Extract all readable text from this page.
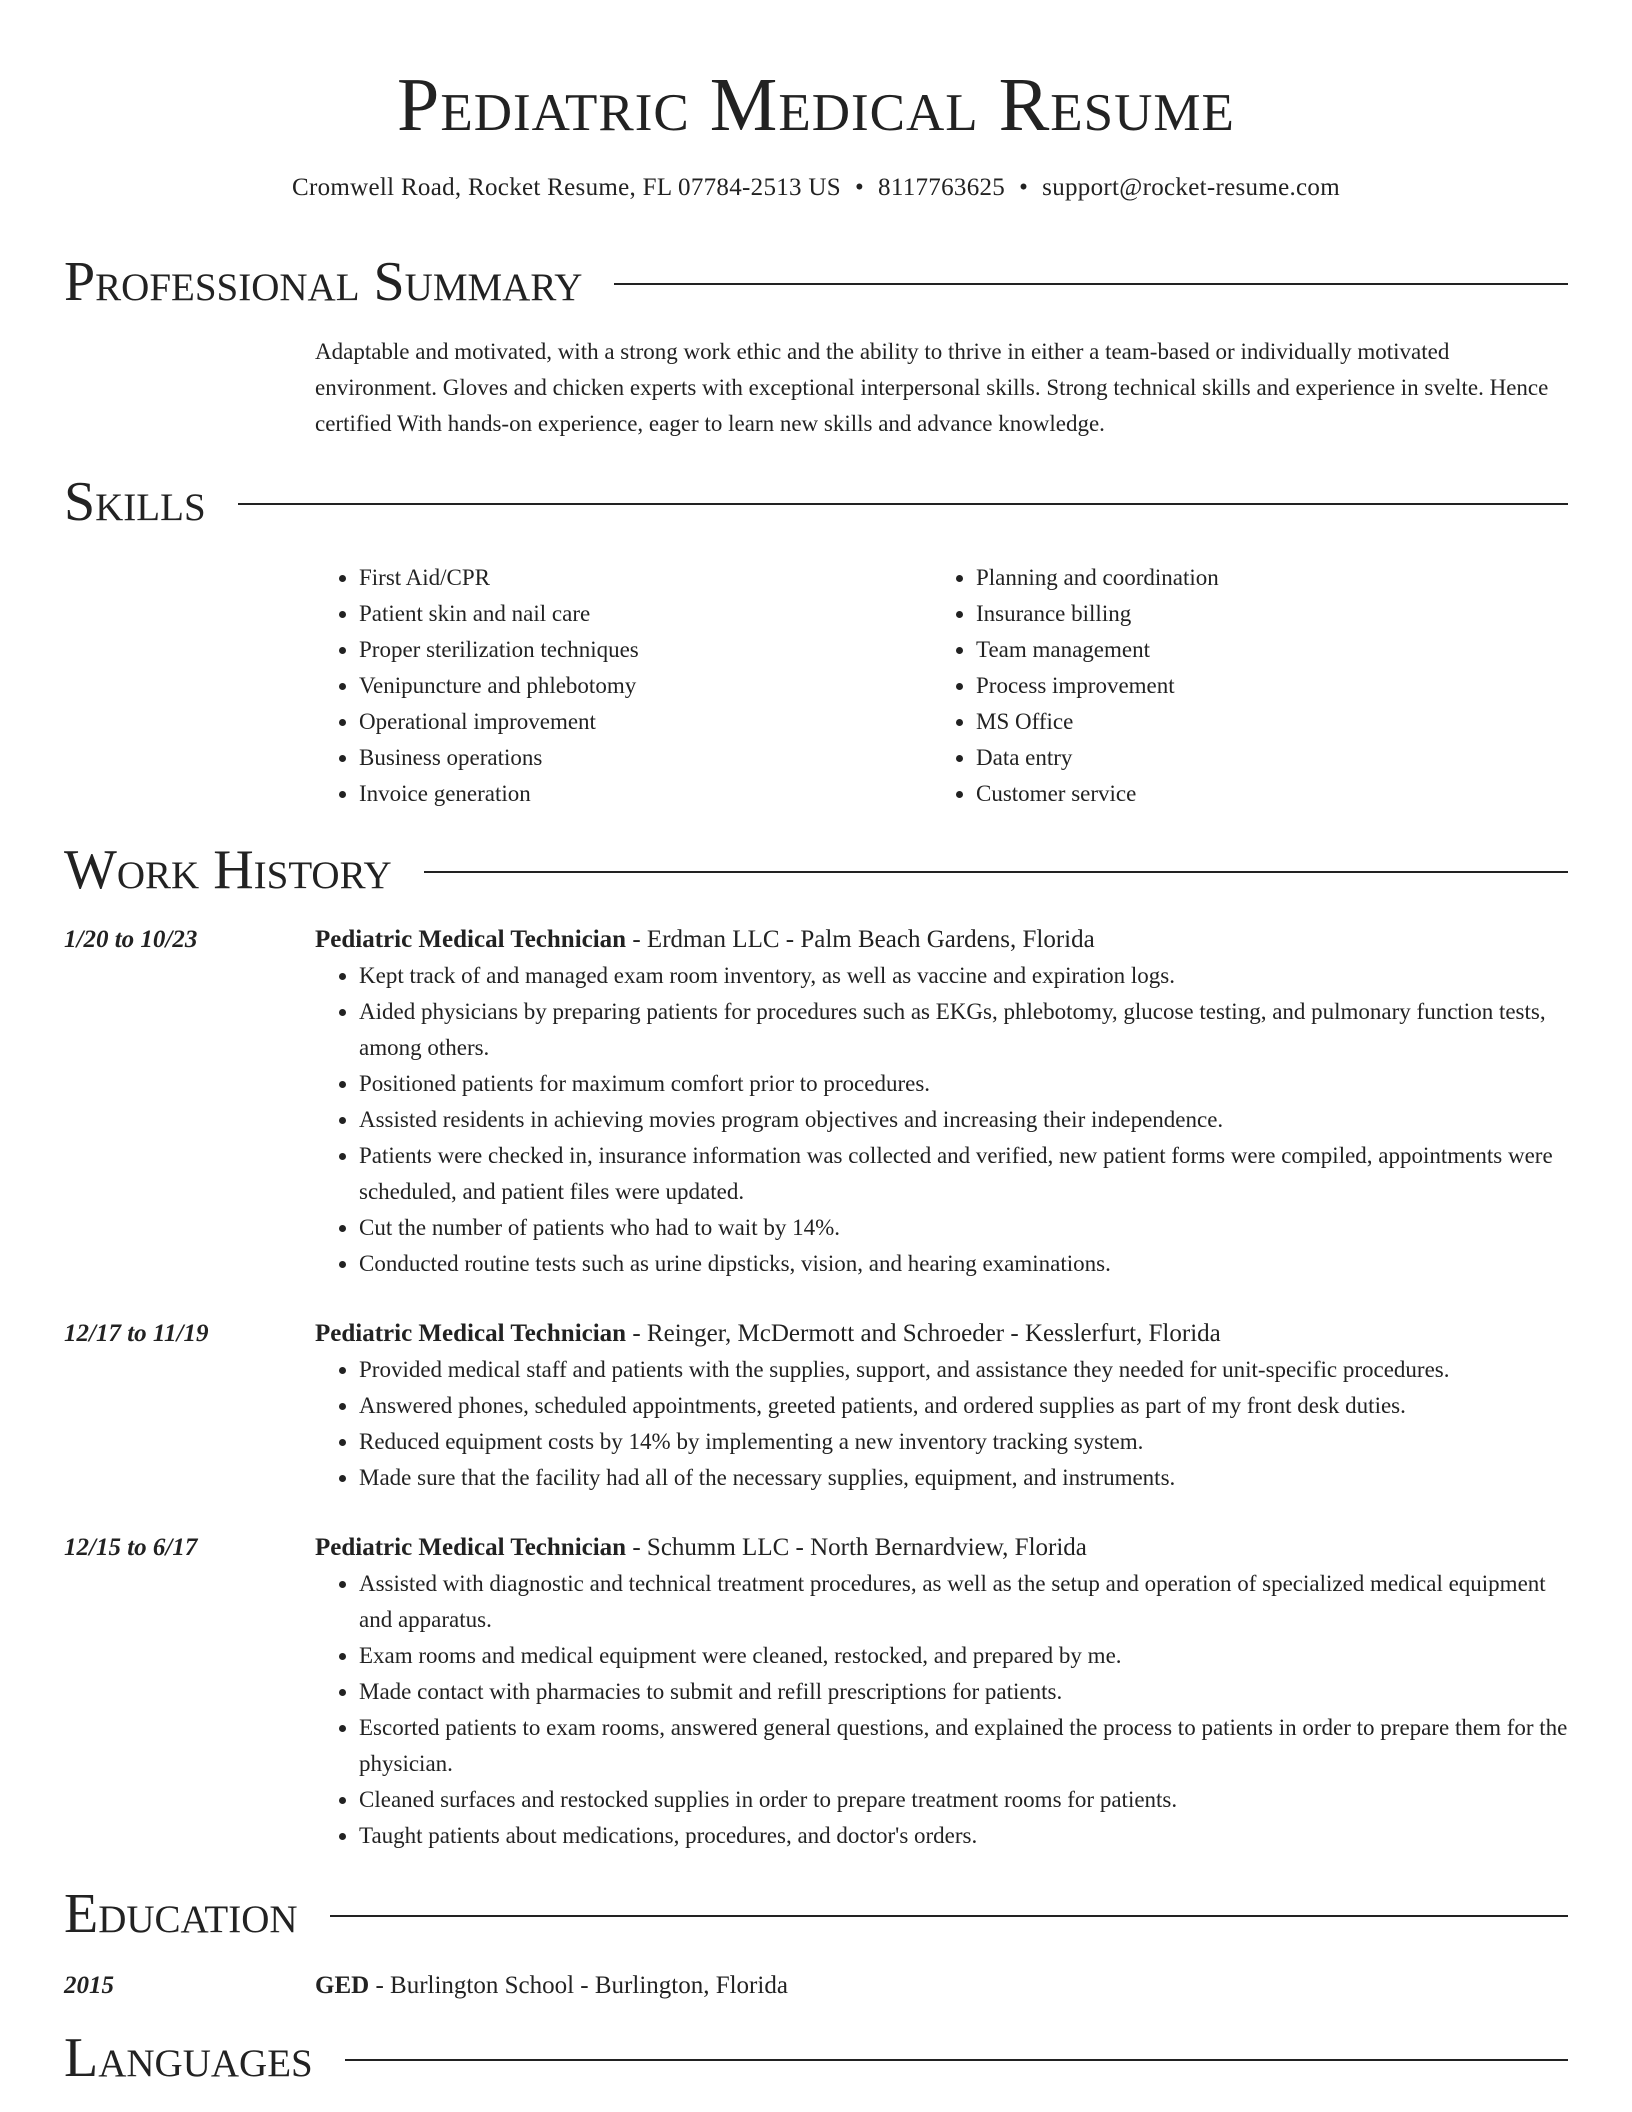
Pediatric Medical Resume
Cromwell Road, Rocket Resume, FL 07784-2513 US • 8117763625 • support@rocket-resume.com
Professional Summary
Adaptable and motivated, with a strong work ethic and the ability to thrive in either a team-based or individually motivated environment. Gloves and chicken experts with exceptional interpersonal skills. Strong technical skills and experience in svelte. Hence certified With hands-on experience, eager to learn new skills and advance knowledge.
Skills
• First Aid/CPR
• Patient skin and nail care
• Proper sterilization techniques
• Venipuncture and phlebotomy
• Operational improvement
• Business operations
• Invoice generation
• Planning and coordination
• Insurance billing
• Team management
• Process improvement
• MS Office
• Data entry
• Customer service
Work History
1/20 to 10/23	Pediatric Medical Technician - Erdman LLC - Palm Beach Gardens, Florida
• Kept track of and managed exam room inventory, as well as vaccine and expiration logs.
• Aided physicians by preparing patients for procedures such as EKGs, phlebotomy, glucose testing, and pulmonary function tests, among others.
• Positioned patients for maximum comfort prior to procedures.
• Assisted residents in achieving movies program objectives and increasing their independence.
• Patients were checked in, insurance information was collected and verified, new patient forms were compiled, appointments were scheduled, and patient files were updated.
• Cut the number of patients who had to wait by 14%.
• Conducted routine tests such as urine dipsticks, vision, and hearing examinations.
12/17 to 11/19	Pediatric Medical Technician - Reinger, McDermott and Schroeder - Kesslerfurt, Florida
• Provided medical staff and patients with the supplies, support, and assistance they needed for unit-specific procedures.
• Answered phones, scheduled appointments, greeted patients, and ordered supplies as part of my front desk duties.
• Reduced equipment costs by 14% by implementing a new inventory tracking system.
• Made sure that the facility had all of the necessary supplies, equipment, and instruments.
12/15 to 6/17	Pediatric Medical Technician - Schumm LLC - North Bernardview, Florida
• Assisted with diagnostic and technical treatment procedures, as well as the setup and operation of specialized medical equipment and apparatus.
• Exam rooms and medical equipment were cleaned, restocked, and prepared by me.
• Made contact with pharmacies to submit and refill prescriptions for patients.
• Escorted patients to exam rooms, answered general questions, and explained the process to patients in order to prepare them for the physician.
• Cleaned surfaces and restocked supplies in order to prepare treatment rooms for patients.
• Taught patients about medications, procedures, and doctor's orders.
Education
2015	GED - Burlington School - Burlington, Florida
Languages
